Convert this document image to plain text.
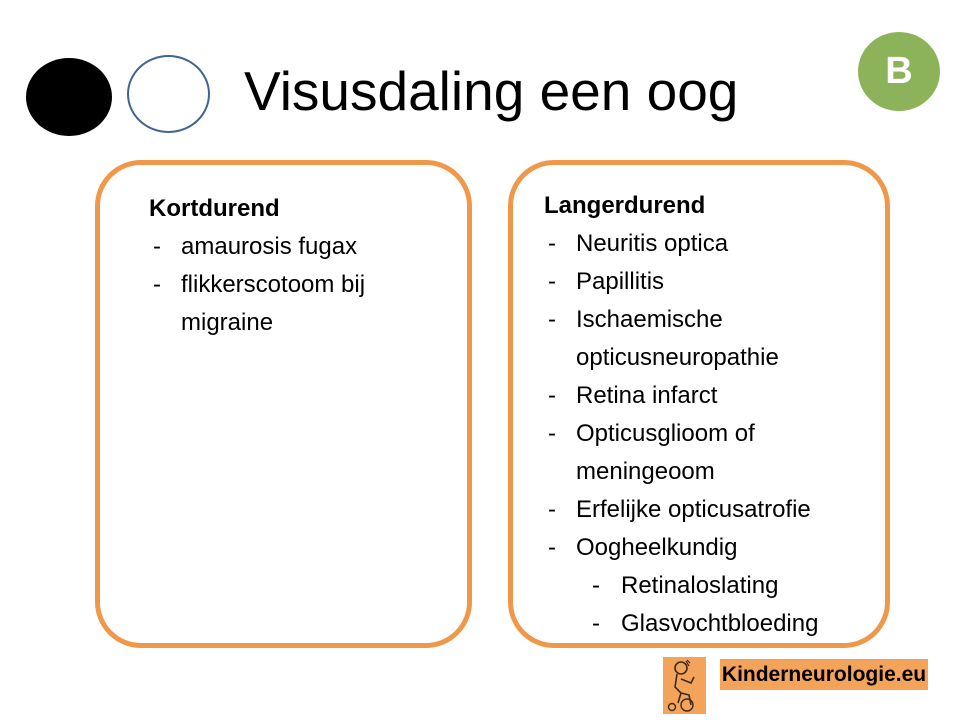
Visusdaling een oog	B
Kortdurend
- amaurosis fugax
- flikkerscotoom bij
migraine
Langerdurend
- Neuritis optica
- Papillitis
- Ischaemische
opticusneuropathie
- Retina infarct
- Opticusglioom of
meningeoom
- Erfelijke opticusatrofie
- Oogheelkundig
- Retinaloslating
- Glasvochtbloeding
Kinderneurologie.eu
